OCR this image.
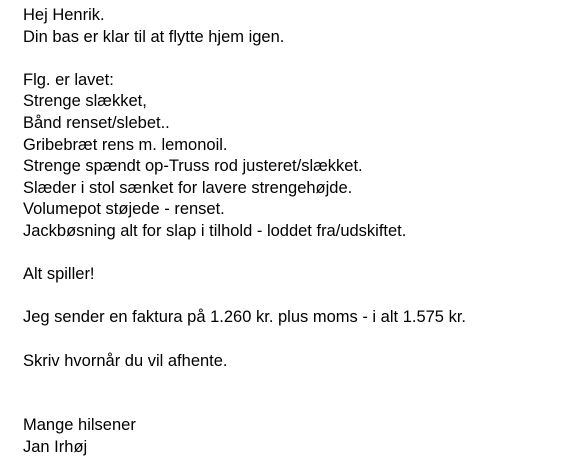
Hej Henrik.
Din bas er klar til at flytte hjem igen.
Flg. er lavet:
Strenge slækket,
Bånd renset/slebet..
Gribebræt rens m. lemonoil.
Strenge spændt op-Truss rod justeret/slækket.
Slæder i stol sænket for lavere strengehøjde.
Volumepot støjede - renset.
Jackbøsning alt for slap i tilhold - loddet fra/udskiftet.
Alt spiller!
Jeg sender en faktura på 1.260 kr. plus moms - i alt 1.575 kr.
Skriv hvornår du vil afhente.
Mange hilsener
Jan Irhøj
